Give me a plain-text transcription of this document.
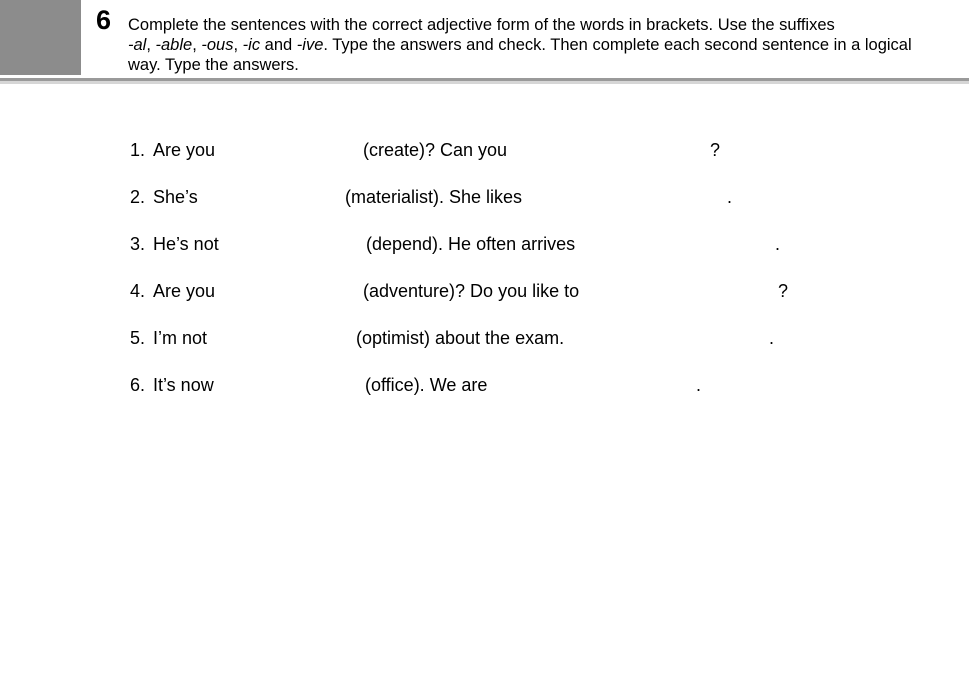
6 Complete the sentences with the correct adjective form of the words in brackets. Use the suffixes
-al, -able, -ous, -ic and -ive. Type the answers and check. Then complete each second sentence in a logical way. Type the answers.
1. Are you	(create)? Can you	?
2. She’s	(materialist). She likes	.
3. He’s not	(depend). He often arrives	.
4. Are you	(adventure)? Do you like to	?
5. I’m not	(optimist) about the exam.	.
6. It’s now	(office). We are	.
